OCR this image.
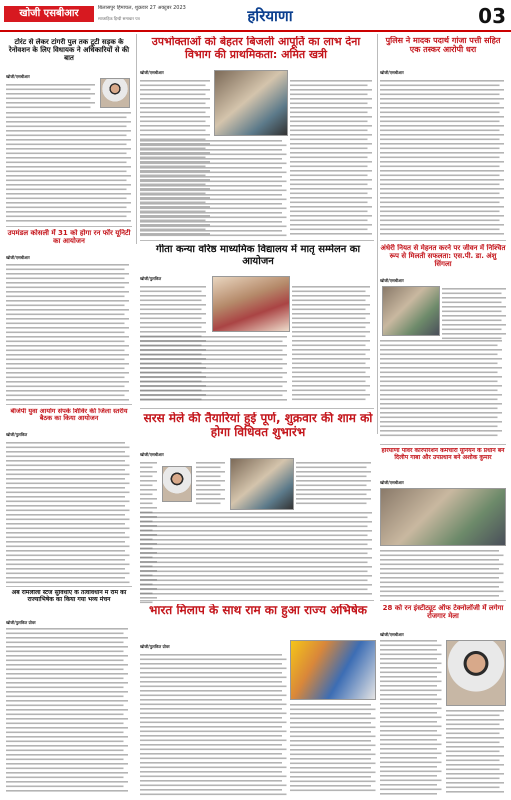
खोजी एसबीआर	बिलासपुर हिमाचल, शुक्रवार 27 अक्टूबर 2023
साप्ताहिक हिन्दी समाचार पत्र	हरियाणा	03
टोरंट से लेकर टांगरी पुल तक टूटी सड़क के रेनोवशन के लिए विधायक ने अधिकारियों से की बात
खोजी/एसबीआर
उपभोक्ताओं को बेहतर बिजली आपूर्ति का लाभ देना विभाग की प्राथमिकता: अमित खत्री
खोजी/एसबीआर
पुलिस ने मादक पदार्थ गांजा पत्ती सहित एक तस्कर आरोपी धरा
खोजी/एसबीआर
उपमंडल कोसली में 31 को होगा रन फॉर यूनिटी का आयोजन
खोजी/एसबीआर
गीता कन्या वरिष्ठ माध्यमिक विद्यालय में मातृ सम्मेलन का आयोजन
खोजी/पुलकित
अंधेरी नियत से मेहनत करने पर जीवन में निश्चित रूप से मिलती सफलता: एस.पी. डा. अंशु सिंगला
खोजी/एसबीआर
बीजेपी युवा आयोग संपर्क शिविर की जिला स्तरीय बैठक का किया आयोजन
खोजी/पुलकित
सरस मेले की तैयारियां हुई पूर्ण, शुक्रवार की शाम को होगा विधिवत शुभारंभ
खोजी/एसबीआर
हरियाणा पावर कारपोरेशन कर्मचारी यूनियन के प्रधान बने दिलीप गाबा और उपप्रधान बने अशोक कुमार
खोजी/एसबीआर
अब रामलीला स्टेज सुविधाएं के तत्वावधान में राम का राज्याभिषेक का किया गया भव्य मंचन
खोजी/पुलकित ग्रोवर
भारत मिलाप के साथ राम का हुआ राज्य अभिषेक
खोजी/पुलकित ग्रोवर
28 को रन इंस्टीट्यूट ऑफ टेक्नोलॉजी में लगेगा रोजगार मेला
खोजी/एसबीआर
